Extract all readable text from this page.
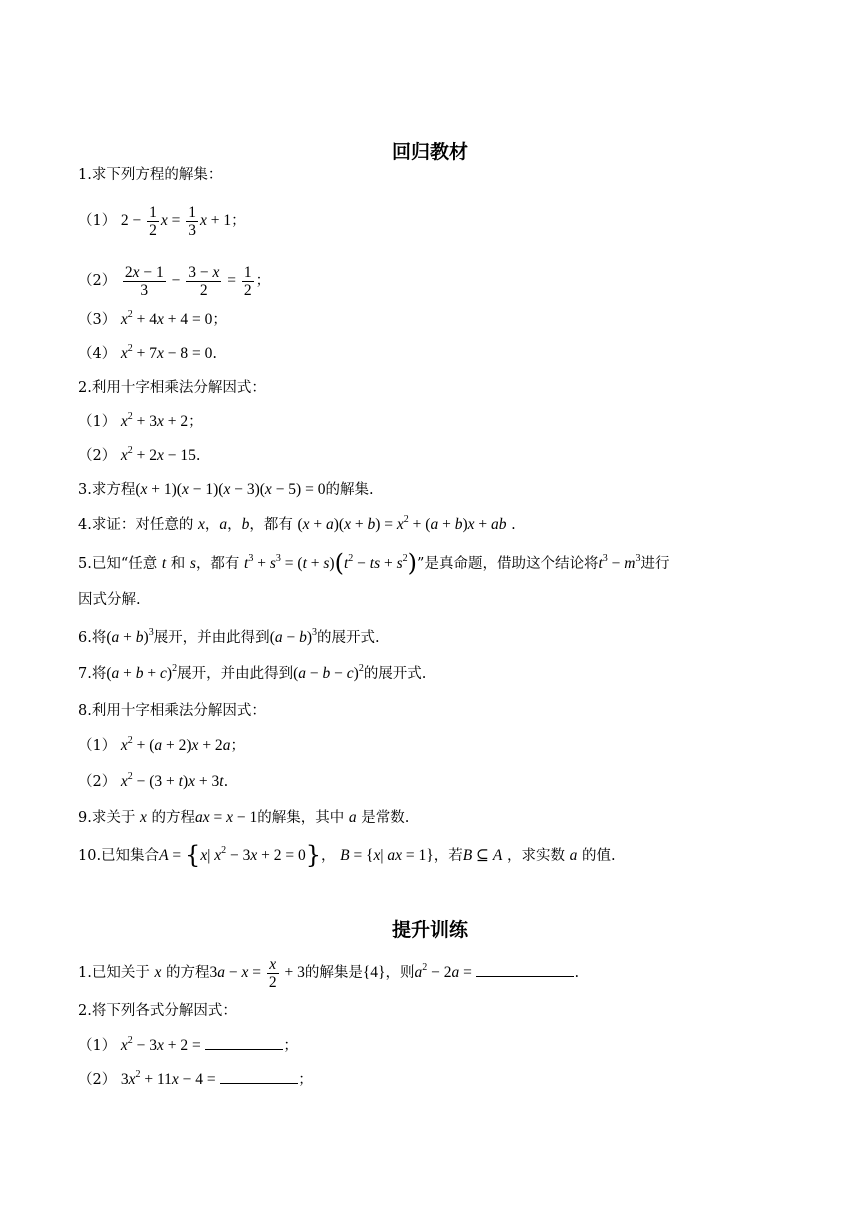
回归教材
1.求下列方程的解集：
（1） $2 - \frac{1}{2}$ $x = \frac{1}{3}$ x + 1；
$(2) \frac{2x - 1}{3} - \frac{3 - x}{2} = \frac{1}{2}$ ；
（3） $x^2 + 4x + 4 = 0$；
（4） $x^2 + 7x - 8 = 0$.
2.利用十字相乘法分解因式：
（1） $x^2 + 3x + 2$；
（2） $x^2 + 2x - 15$.
3.求方程(x + 1)(x − 1)(x − 3)(x − 5) = 0的解集.
4.求证：对任意的 x，a，b，都有 $(x + a)(x + b) = x^2 + (a + b)x$ + ab .
5.已知“任意 t 和 s，都有 $t^3 + s^3 = (t + s)(t^2$ − ts + $s^2$)”是真命题，借助这个结论将$t^3 - m^3$进行
因式分解.
6.将$(a + b)^3$展开，并由此得到$(a - b)^3$的展开式.
7.将$(a + b + c)^2$展开，并由此得到$(a - b - c)^2$的展开式.
8.利用十字相乘法分解因式：
（1） $x^2 + (a + 2)x + 2a$；
（2） $x^2 - (3 + t)x + 3t$.
9.求关于 x 的方程ax = x − 1的解集，其中 a 是常数.
10.已知集合A = {x| $x^2 - 3x + 2 = 0$}， B = {x| ax = 1}，若B ⊆ A ，求实数 a 的值.
提升训练
1.已知关于 x 的方程$3a - x = \frac{x}{2} + 3$的解集是{4}，则$a^2 - 2a$ =	.
2.将下列各式分解因式：
（1） $x^2 - 3x + 2$ =	；
（2） $3x^2 + 11x - 4$ =	；
